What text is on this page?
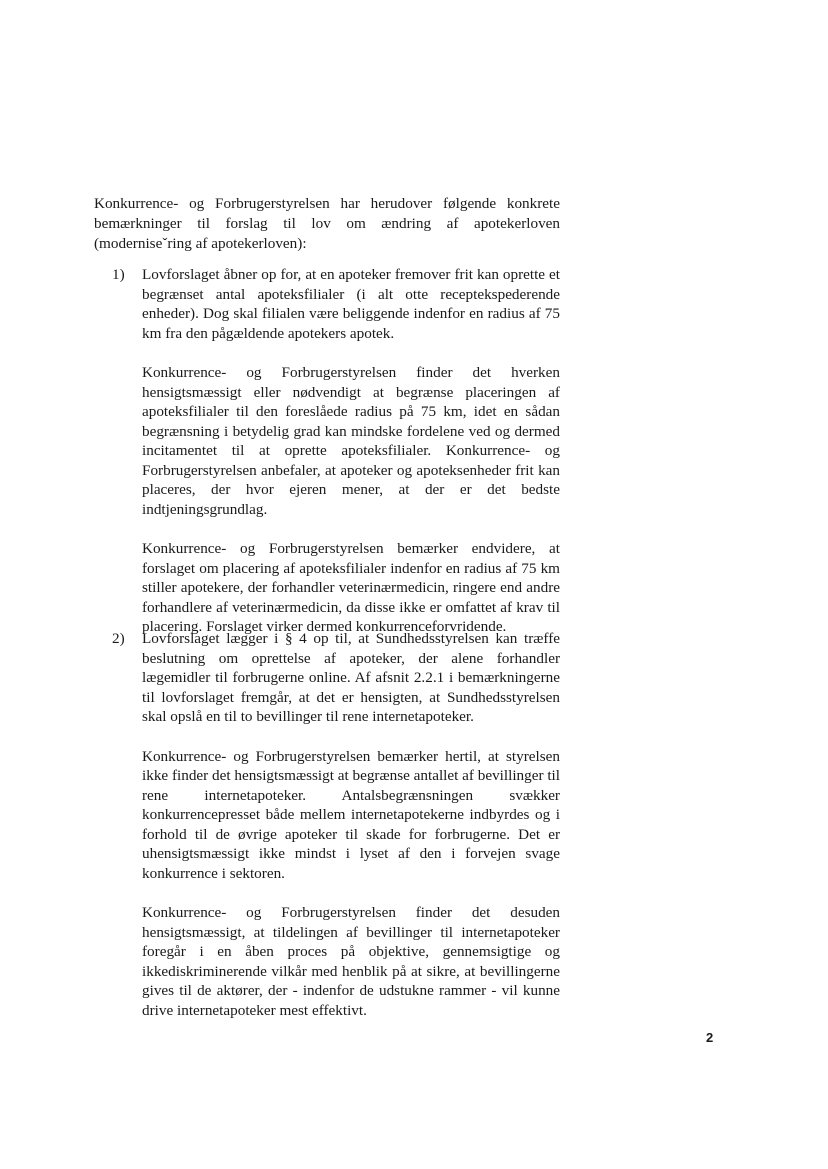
Konkurrence- og Forbrugerstyrelsen har herudover følgende konkrete bemærkninger til forslag til lov om ændring af apotekerloven (moderniseˇring af apotekerloven):

1)	Lovforslaget åbner op for, at en apoteker fremover frit kan oprette et begrænset antal apoteksfilialer (i alt otte receptekspederende enheder). Dog skal filialen være beliggende indenfor en radius af 75 km fra den pågældende apotekers apotek.

Konkurrence- og Forbrugerstyrelsen finder det hverken hensigtsmæssigt eller nødvendigt at begrænse placeringen af apoteksfilialer til den foreslåede radius på 75 km, idet en sådan begrænsning i betydelig grad kan mindske fordelene ved og dermed incitamentet til at oprette apoteksfilialer. Konkurrence- og Forbrugerstyrelsen anbefaler, at apoteker og apoteksenheder frit kan placeres, der hvor ejeren mener, at der er det bedste indtjeningsgrundlag.

Konkurrence- og Forbrugerstyrelsen bemærker endvidere, at forslaget om placering af apoteksfilialer indenfor en radius af 75 km stiller apotekere, der forhandler veterinærmedicin, ringere end andre forhandlere af veterinærmedicin, da disse ikke er omfattet af krav til placering. Forslaget virker dermed konkurrenceforvridende.

2)	Lovforslaget lægger i § 4 op til, at Sundhedsstyrelsen kan træffe beslutning om oprettelse af apoteker, der alene forhandler lægemidler til forbrugerne online. Af afsnit 2.2.1 i bemærkningerne til lovforslaget fremgår, at det er hensigten, at Sundhedsstyrelsen skal opslå en til to bevillinger til rene internetapoteker.

Konkurrence- og Forbrugerstyrelsen bemærker hertil, at styrelsen ikke finder det hensigtsmæssigt at begrænse antallet af bevillinger til rene internetapoteker. Antalsbegrænsningen svækker konkurrencepresset både mellem internetapotekerne indbyrdes og i forhold til de øvrige apoteker til skade for forbrugerne. Det er uhensigtsmæssigt ikke mindst i lyset af den i forvejen svage konkurrence i sektoren.

Konkurrence- og Forbrugerstyrelsen finder det desuden hensigtsmæssigt, at tildelingen af bevillinger til internetapoteker foregår i en åben proces på objektive, gennemsigtige og ikkediskriminerende vilkår med henblik på at sikre, at bevillingerne gives til de aktører, der - indenfor de udstukne rammer - vil kunne drive internetapoteker mest effektivt.

2
